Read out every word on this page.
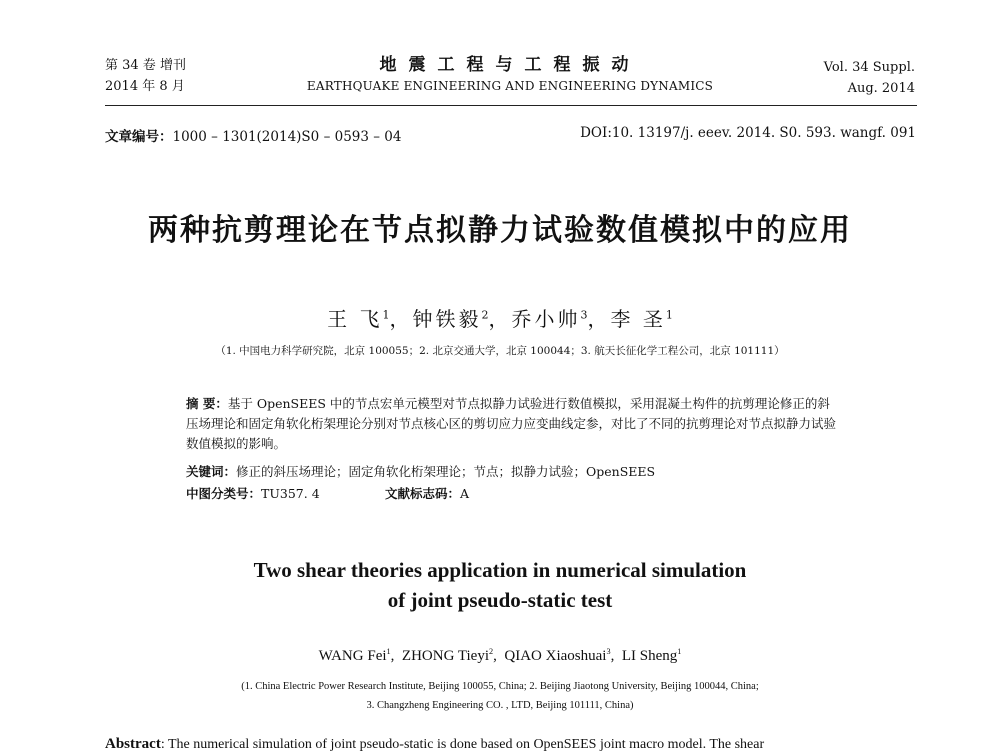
第 34 卷 增刊
2014 年 8 月
地震工程与工程振动
EARTHQUAKE ENGINEERING AND ENGINEERING DYNAMICS
Vol. 34 Suppl.
Aug. 2014
文章编号：1000 – 1301(2014)S0 – 0593 – 04	DOI:10. 13197/j. eeev. 2014. S0. 593. wangf. 091
两种抗剪理论在节点拟静力试验数值模拟中的应用
王 飞$^1$，钟铁毅$^2$，乔小帅$^3$，李 圣$^1$
（1. 中国电力科学研究院，北京 100055；2. 北京交通大学，北京 100044；3. 航天长征化学工程公司，北京 101111）
摘 要：基于 OpenSEES 中的节点宏单元模型对节点拟静力试验进行数值模拟，采用混凝土构件的抗剪理论修正的斜压场理论和固定角软化桁架理论分别对节点核心区的剪切应力应变曲线定参，对比了不同的抗剪理论对节点拟静力试验数值模拟的影响。
关键词：修正的斜压场理论；固定角软化桁架理论；节点；拟静力试验；OpenSEES
中图分类号：TU357. 4	文献标志码：A
Two shear theories application in numerical simulation
of joint pseudo-static test
WANG Fei$^1$,  ZHONG Tieyi$^2$,  QIAO Xiaoshuai$^3$,  LI Sheng$^1$
(1. China Electric Power Research Institute, Beijing 100055, China; 2. Beijing Jiaotong University, Beijing 100044, China;
3. Changzheng Engineering CO. , LTD, Beijing 101111, China)
Abstract: The numerical simulation of joint pseudo-static is done based on OpenSEES joint macro model. The shear
